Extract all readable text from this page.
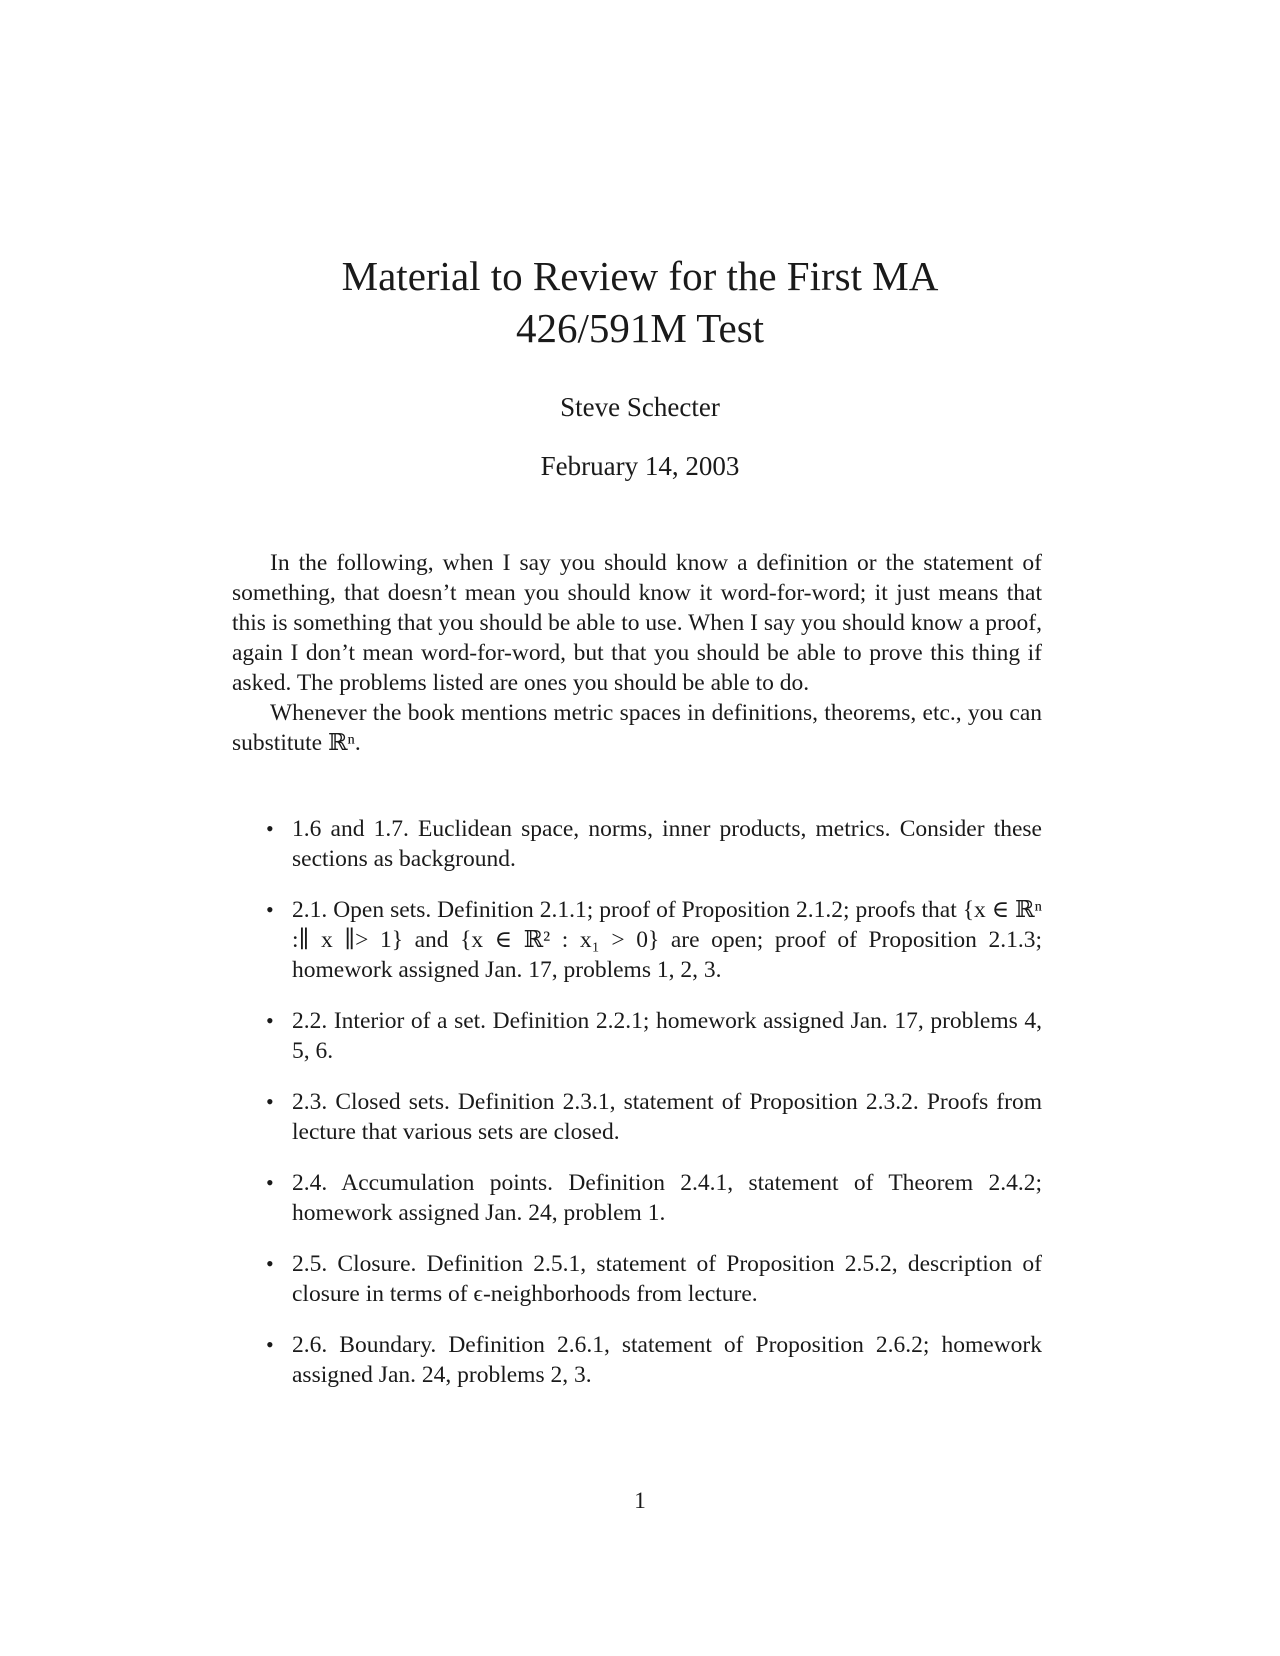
Material to Review for the First MA
426/591M Test
Steve Schecter
February 14, 2003

In the following, when I say you should know a definition or the statement of something, that doesn’t mean you should know it word-for-word; it just means that this is something that you should be able to use. When I say you should know a proof, again I don’t mean word-for-word, but that you should be able to prove this thing if asked. The problems listed are ones you should be able to do.

Whenever the book mentions metric spaces in definitions, theorems, etc., you can substitute ℝⁿ.

• 1.6 and 1.7. Euclidean space, norms, inner products, metrics. Consider these sections as background.
• 2.1. Open sets. Definition 2.1.1; proof of Proposition 2.1.2; proofs that {x ∈ ℝⁿ :∥ x ∥> 1} and {x ∈ ℝ² : x₁ > 0} are open; proof of Proposition 2.1.3; homework assigned Jan. 17, problems 1, 2, 3.
• 2.2. Interior of a set. Definition 2.2.1; homework assigned Jan. 17, problems 4, 5, 6.
• 2.3. Closed sets. Definition 2.3.1, statement of Proposition 2.3.2. Proofs from lecture that various sets are closed.
• 2.4. Accumulation points. Definition 2.4.1, statement of Theorem 2.4.2; homework assigned Jan. 24, problem 1.
• 2.5. Closure. Definition 2.5.1, statement of Proposition 2.5.2, description of closure in terms of ϵ-neighborhoods from lecture.
• 2.6. Boundary. Definition 2.6.1, statement of Proposition 2.6.2; homework assigned Jan. 24, problems 2, 3.
1
